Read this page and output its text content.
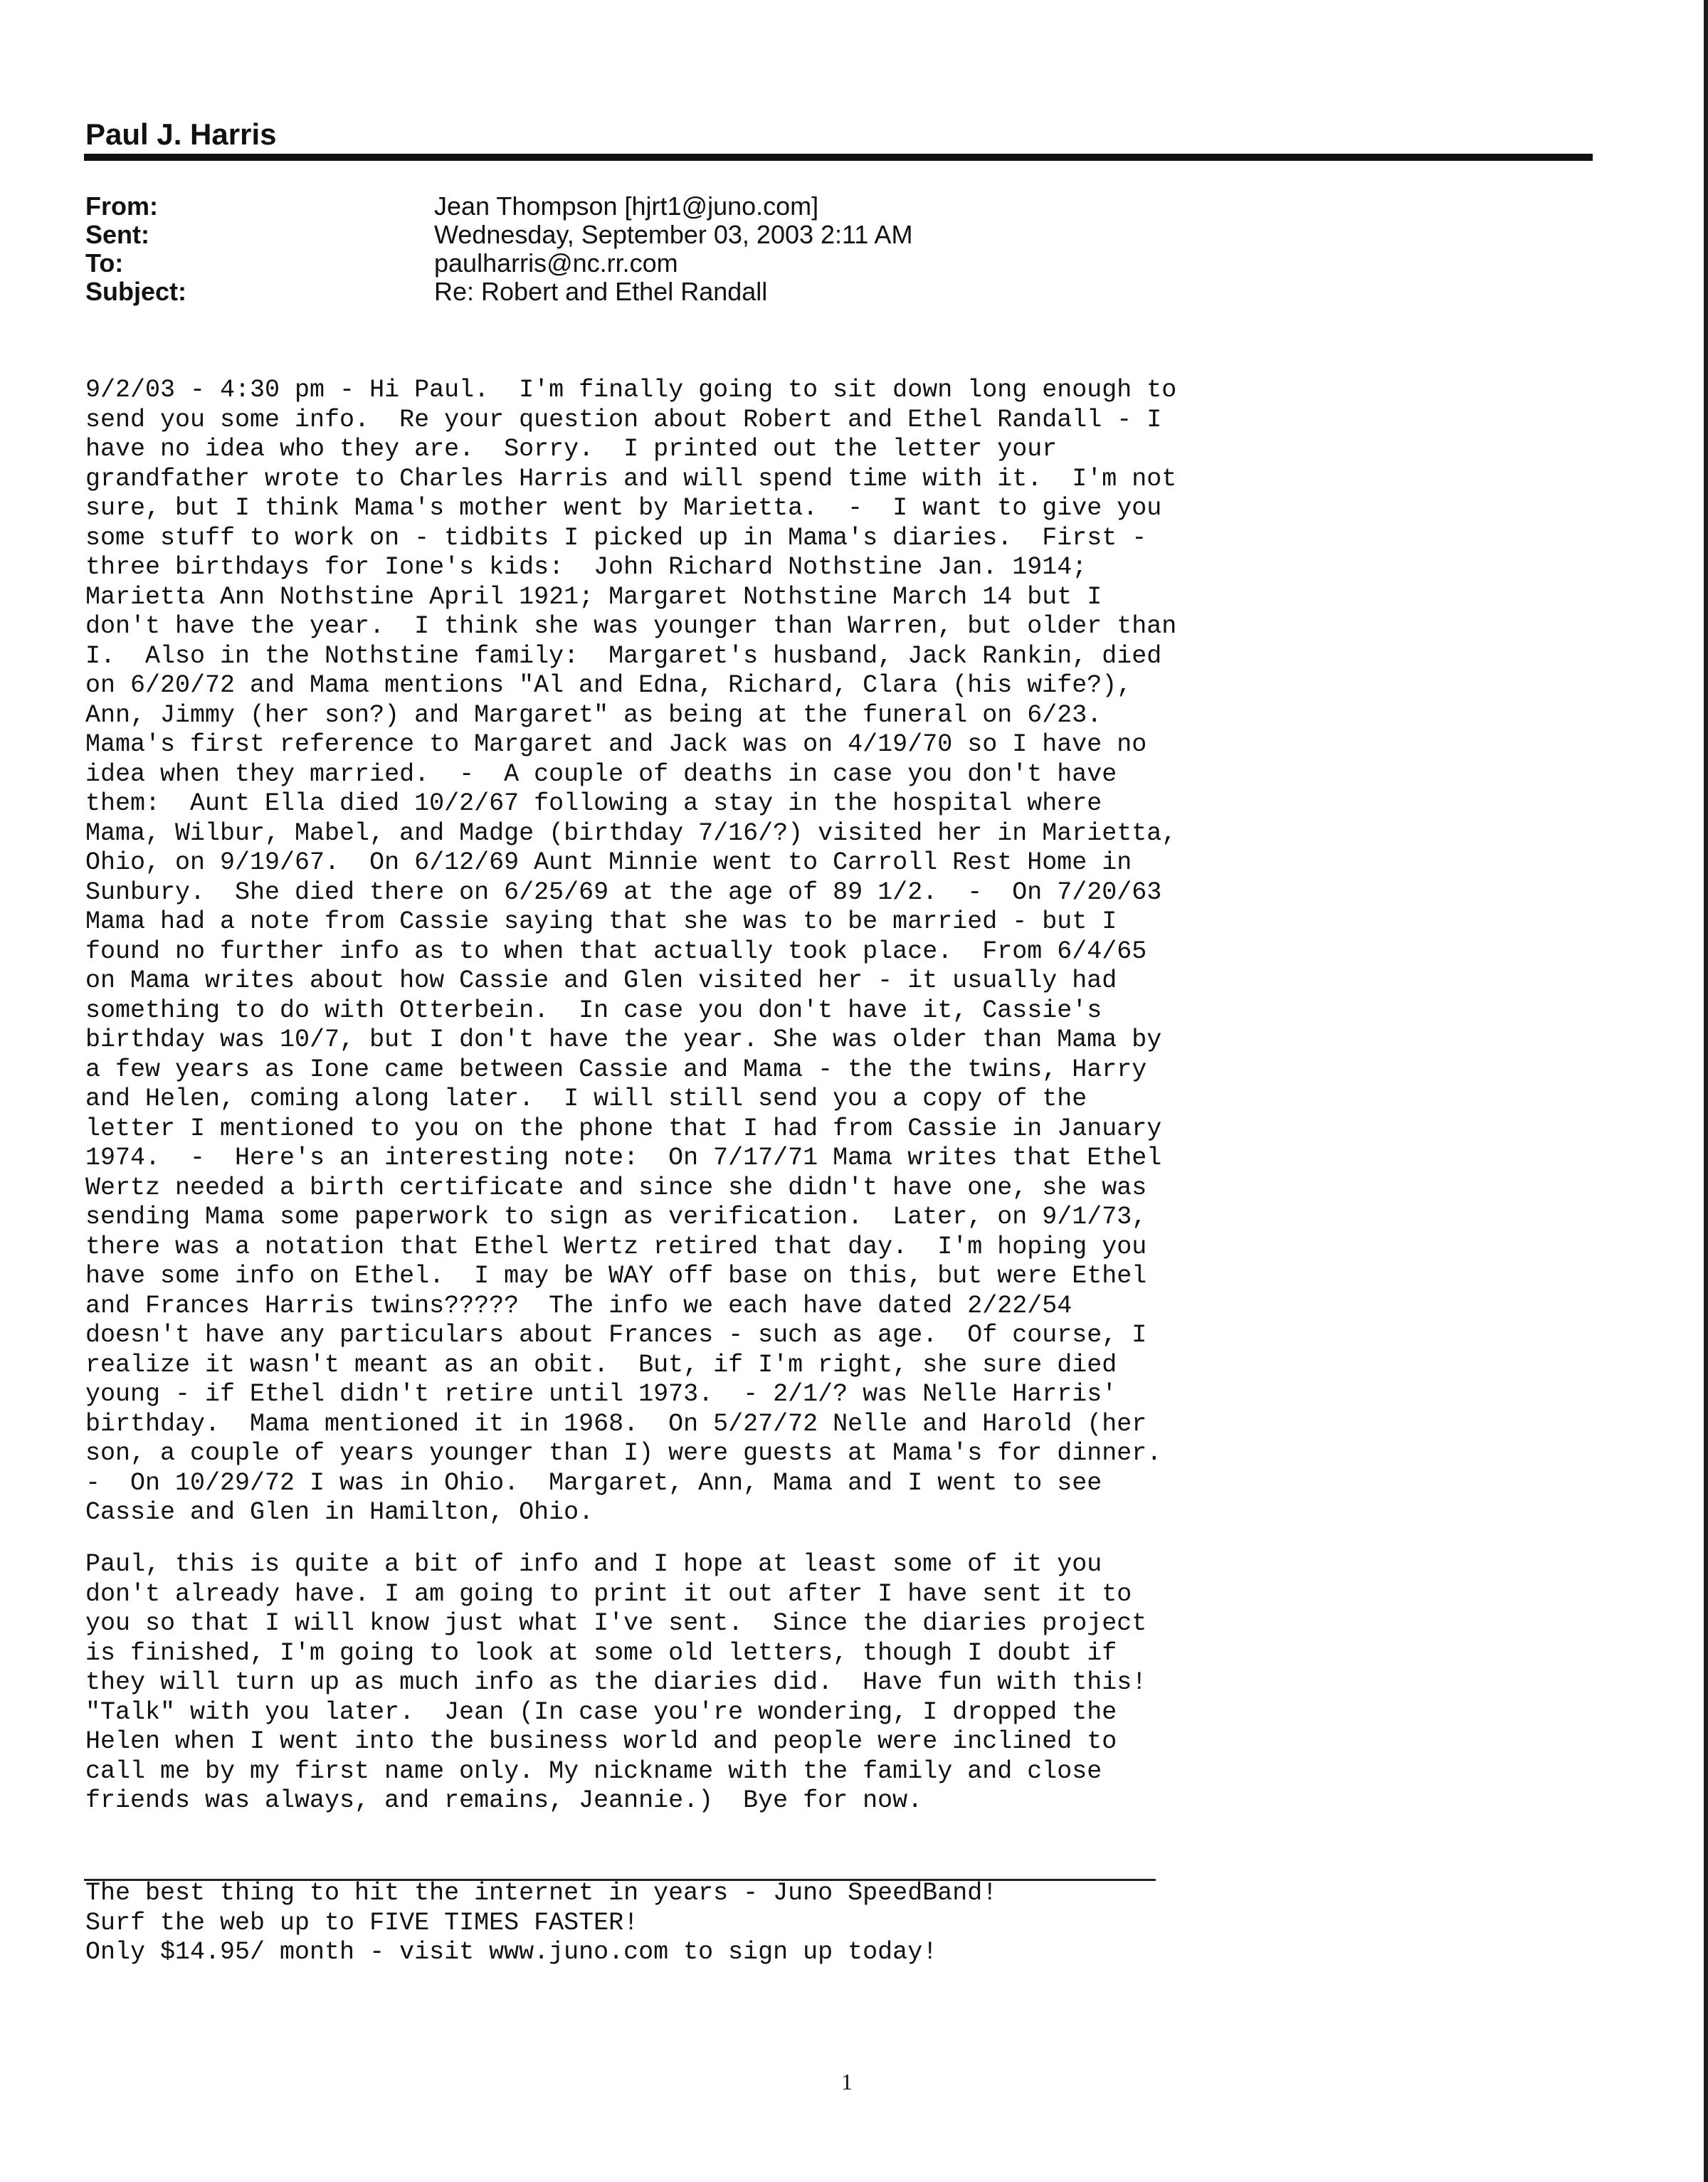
Paul J. Harris
From:	Jean Thompson [hjrt1@juno.com]
Sent:	Wednesday, September 03, 2003 2:11 AM
To:	paulharris@nc.rr.com
Subject:	Re: Robert and Ethel Randall
9/2/03 - 4:30 pm - Hi Paul.  I'm finally going to sit down long enough to
send you some info.  Re your question about Robert and Ethel Randall - I
have no idea who they are.  Sorry.  I printed out the letter your
grandfather wrote to Charles Harris and will spend time with it.  I'm not
sure, but I think Mama's mother went by Marietta.  -  I want to give you
some stuff to work on - tidbits I picked up in Mama's diaries.  First -
three birthdays for Ione's kids:  John Richard Nothstine Jan. 1914;
Marietta Ann Nothstine April 1921; Margaret Nothstine March 14 but I
don't have the year.  I think she was younger than Warren, but older than
I.  Also in the Nothstine family:  Margaret's husband, Jack Rankin, died
on 6/20/72 and Mama mentions "Al and Edna, Richard, Clara (his wife?),
Ann, Jimmy (her son?) and Margaret" as being at the funeral on 6/23.
Mama's first reference to Margaret and Jack was on 4/19/70 so I have no
idea when they married.  -  A couple of deaths in case you don't have
them:  Aunt Ella died 10/2/67 following a stay in the hospital where
Mama, Wilbur, Mabel, and Madge (birthday 7/16/?) visited her in Marietta,
Ohio, on 9/19/67.  On 6/12/69 Aunt Minnie went to Carroll Rest Home in
Sunbury.  She died there on 6/25/69 at the age of 89 1/2.  -  On 7/20/63
Mama had a note from Cassie saying that she was to be married - but I
found no further info as to when that actually took place.  From 6/4/65
on Mama writes about how Cassie and Glen visited her - it usually had
something to do with Otterbein.  In case you don't have it, Cassie's
birthday was 10/7, but I don't have the year. She was older than Mama by
a few years as Ione came between Cassie and Mama - the the twins, Harry
and Helen, coming along later.  I will still send you a copy of the
letter I mentioned to you on the phone that I had from Cassie in January
1974.  -  Here's an interesting note:  On 7/17/71 Mama writes that Ethel
Wertz needed a birth certificate and since she didn't have one, she was
sending Mama some paperwork to sign as verification.  Later, on 9/1/73,
there was a notation that Ethel Wertz retired that day.  I'm hoping you
have some info on Ethel.  I may be WAY off base on this, but were Ethel
and Frances Harris twins?????  The info we each have dated 2/22/54
doesn't have any particulars about Frances - such as age.  Of course, I
realize it wasn't meant as an obit.  But, if I'm right, she sure died
young - if Ethel didn't retire until 1973.  - 2/1/? was Nelle Harris'
birthday.  Mama mentioned it in 1968.  On 5/27/72 Nelle and Harold (her
son, a couple of years younger than I) were guests at Mama's for dinner.
-  On 10/29/72 I was in Ohio.  Margaret, Ann, Mama and I went to see
Cassie and Glen in Hamilton, Ohio.
Paul, this is quite a bit of info and I hope at least some of it you
don't already have. I am going to print it out after I have sent it to
you so that I will know just what I've sent.  Since the diaries project
is finished, I'm going to look at some old letters, though I doubt if
they will turn up as much info as the diaries did.  Have fun with this!
"Talk" with you later.  Jean (In case you're wondering, I dropped the
Helen when I went into the business world and people were inclined to
call me by my first name only. My nickname with the family and close
friends was always, and remains, Jeannie.)  Bye for now.
The best thing to hit the internet in years - Juno SpeedBand!
Surf the web up to FIVE TIMES FASTER!
Only $14.95/ month - visit www.juno.com to sign up today!
1
